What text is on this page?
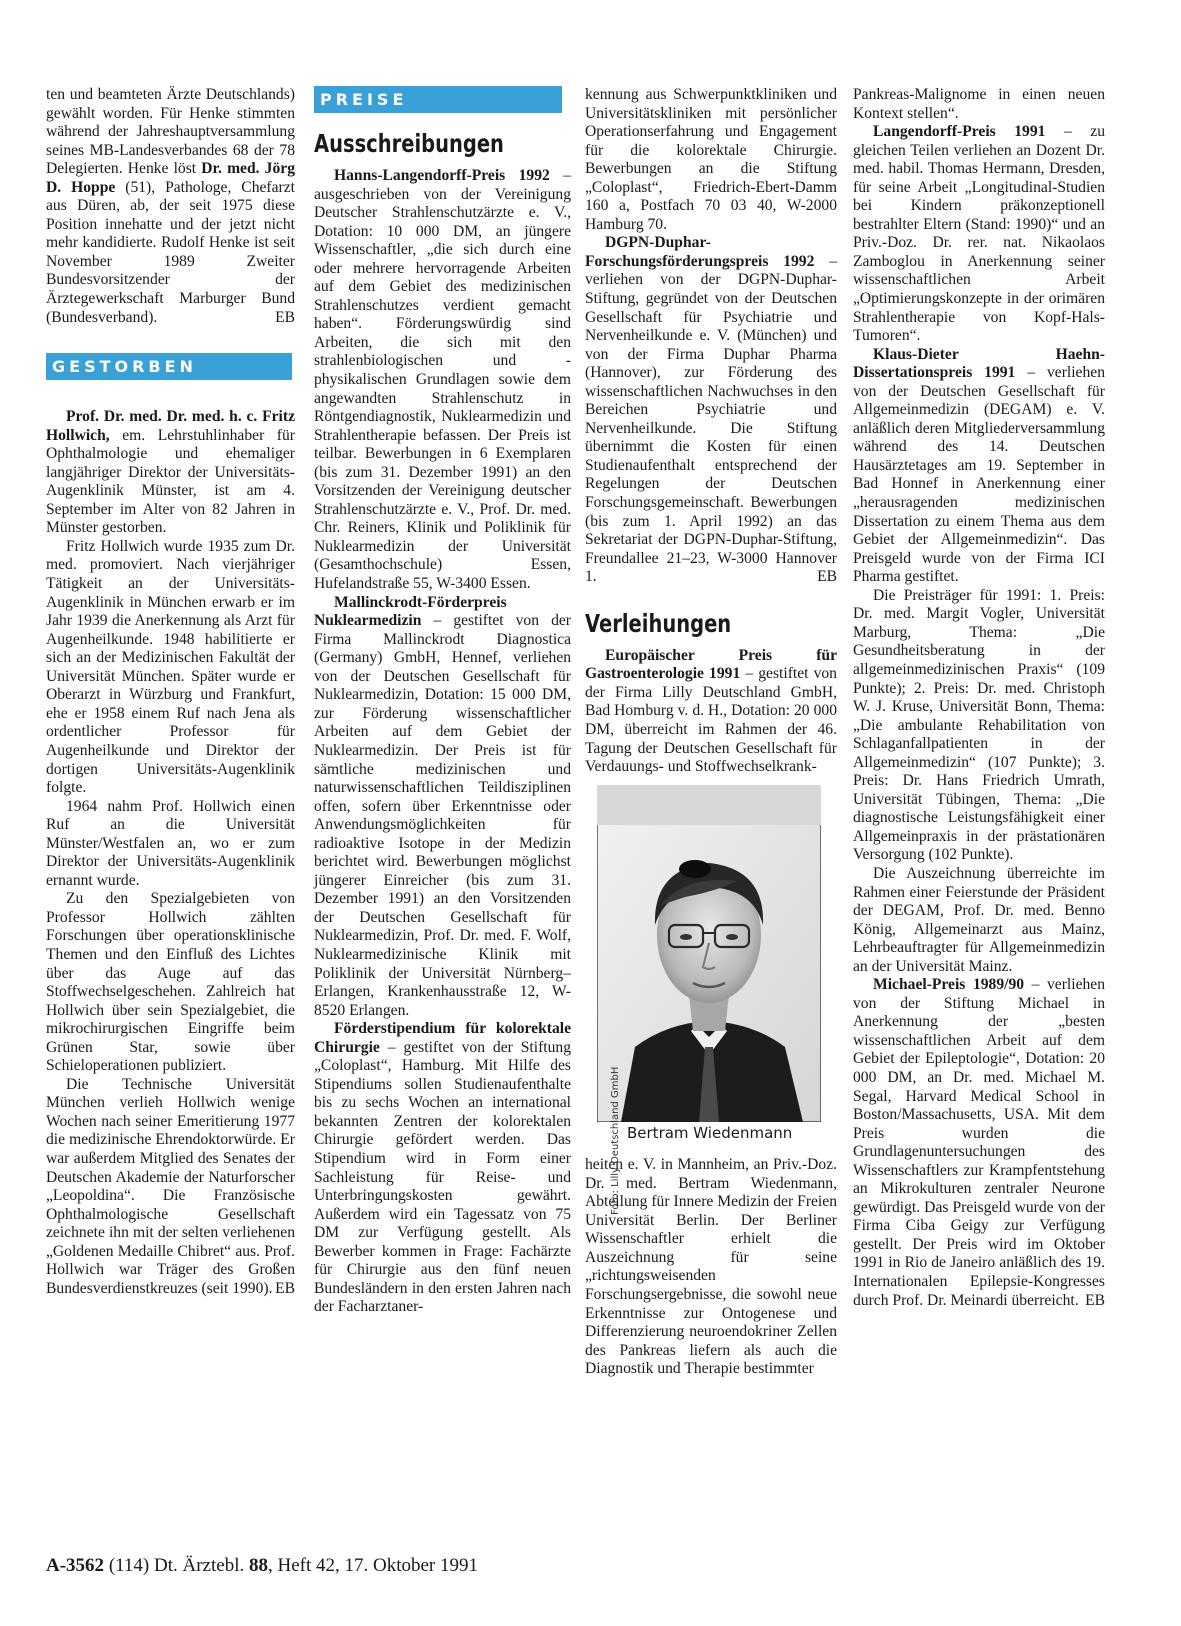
ten und beamteten Ärzte Deutschlands) gewählt worden. Für Henke stimmten während der Jahreshauptversammlung seines MB-Landesverbandes 68 der 78 Delegierten. Henke löst Dr. med. Jörg D. Hoppe (51), Pathologe, Chefarzt aus Düren, ab, der seit 1975 diese Position innehatte und der jetzt nicht mehr kandidierte. Rudolf Henke ist seit November 1989 Zweiter Bundesvorsitzender der Ärztegewerkschaft Marburger Bund (Bundesverband).	EB

GESTORBEN

Prof. Dr. med. Dr. med. h. c. Fritz Hollwich, em. Lehrstuhlinhaber für Ophthalmologie und ehemaliger langjähriger Direktor der Universitäts-Augenklinik Münster, ist am 4. September im Alter von 82 Jahren in Münster gestorben.

Fritz Hollwich wurde 1935 zum Dr. med. promoviert. Nach vierjähriger Tätigkeit an der Universitäts-Augenklinik in München erwarb er im Jahr 1939 die Anerkennung als Arzt für Augenheilkunde. 1948 habilitierte er sich an der Medizinischen Fakultät der Universität München. Später wurde er Oberarzt in Würzburg und Frankfurt, ehe er 1958 einem Ruf nach Jena als ordentlicher Professor für Augenheilkunde und Direktor der dortigen Universitäts-Augenklinik folgte.

1964 nahm Prof. Hollwich einen Ruf an die Universität Münster/Westfalen an, wo er zum Direktor der Universitäts-Augenklinik ernannt wurde.

Zu den Spezialgebieten von Professor Hollwich zählten Forschungen über operationsklinische Themen und den Einfluß des Lichtes über das Auge auf das Stoffwechselgeschehen. Zahlreich hat Hollwich über sein Spezialgebiet, die mikrochirurgischen Eingriffe beim Grünen Star, sowie über Schieloperationen publiziert.

Die Technische Universität München verlieh Hollwich wenige Wochen nach seiner Emeritierung 1977 die medizinische Ehrendoktorwürde. Er war außerdem Mitglied des Senates der Deutschen Akademie der Naturforscher „Leopoldina“. Die Französische Ophthalmologische Gesellschaft zeichnete ihn mit der selten verliehenen „Goldenen Medaille Chibret“ aus. Prof. Hollwich war Träger des Großen Bundesverdienstkreuzes (seit 1990). EB

PREISE
Ausschreibungen

Hanns-Langendorff-Preis 1992 – ausgeschrieben von der Vereinigung Deutscher Strahlenschutzärzte e. V., Dotation: 10 000 DM, an jüngere Wissenschaftler, „die sich durch eine oder mehrere hervorragende Arbeiten auf dem Gebiet des medizinischen Strahlenschutzes verdient gemacht haben“. Förderungswürdig sind Arbeiten, die sich mit den strahlenbiologischen und -physikalischen Grundlagen sowie dem angewandten Strahlenschutz in Röntgendiagnostik, Nuklearmedizin und Strahlentherapie befassen. Der Preis ist teilbar. Bewerbungen in 6 Exemplaren (bis zum 31. Dezember 1991) an den Vorsitzenden der Vereinigung deutscher Strahlenschutzärzte e. V., Prof. Dr. med. Chr. Reiners, Klinik und Poliklinik für Nuklearmedizin der Universität (Gesamthochschule) Essen, Hufelandstraße 55, W-3400 Essen.

Mallinckrodt-Förderpreis Nuklearmedizin – gestiftet von der Firma Mallinckrodt Diagnostica (Germany) GmbH, Hennef, verliehen von der Deutschen Gesellschaft für Nuklearmedizin, Dotation: 15 000 DM, zur Förderung wissenschaftlicher Arbeiten auf dem Gebiet der Nuklearmedizin. Der Preis ist für sämtliche medizinischen und naturwissenschaftlichen Teildisziplinen offen, sofern über Erkenntnisse oder Anwendungsmöglichkeiten für radioaktive Isotope in der Medizin berichtet wird. Bewerbungen möglichst jüngerer Einreicher (bis zum 31. Dezember 1991) an den Vorsitzenden der Deutschen Gesellschaft für Nuklearmedizin, Prof. Dr. med. F. Wolf, Nuklearmedizinische Klinik mit Poliklinik der Universität Nürnberg–Erlangen, Krankenhausstraße 12, W-8520 Erlangen.

Förderstipendium für kolorektale Chirurgie – gestiftet von der Stiftung „Coloplast“, Hamburg. Mit Hilfe des Stipendiums sollen Studienaufenthalte bis zu sechs Wochen an international bekannten Zentren der kolorektalen Chirurgie gefördert werden. Das Stipendium wird in Form einer Sachleistung für Reise- und Unterbringungskosten gewährt. Außerdem wird ein Tagessatz von 75 DM zur Verfügung gestellt. Als Bewerber kommen in Frage: Fachärzte für Chirurgie aus den fünf neuen Bundesländern in den ersten Jahren nach der Facharztaner-

kennung aus Schwerpunktkliniken und Universitätskliniken mit persönlicher Operationserfahrung und Engagement für die kolorektale Chirurgie. Bewerbungen an die Stiftung „Coloplast“, Friedrich-Ebert-Damm 160 a, Postfach 70 03 40, W-2000 Hamburg 70.

DGPN-Duphar-Forschungsförderungspreis 1992 – verliehen von der DGPN-Duphar-Stiftung, gegründet von der Deutschen Gesellschaft für Psychiatrie und Nervenheilkunde e. V. (München) und von der Firma Duphar Pharma (Hannover), zur Förderung des wissenschaftlichen Nachwuchses in den Bereichen Psychiatrie und Nervenheilkunde. Die Stiftung übernimmt die Kosten für einen Studienaufenthalt entsprechend der Regelungen der Deutschen Forschungsgemeinschaft. Bewerbungen (bis zum 1. April 1992) an das Sekretariat der DGPN-Duphar-Stiftung, Freundallee 21–23, W-3000 Hannover 1.	EB

Verleihungen

Europäischer Preis für Gastroenterologie 1991 – gestiftet von der Firma Lilly Deutschland GmbH, Bad Homburg v. d. H., Dotation: 20 000 DM, überreicht im Rahmen der 46. Tagung der Deutschen Gesellschaft für Verdauungs- und Stoffwechselkrank-

Foto: Lilly Deutschland GmbH Bertram Wiedenmann

heiten e. V. in Mannheim, an Priv.-Doz. Dr. med. Bertram Wiedenmann, Abteilung für Innere Medizin der Freien Universität Berlin. Der Berliner Wissenschaftler erhielt die Auszeichnung für seine „richtungsweisenden Forschungsergebnisse, die sowohl neue Erkenntnisse zur Ontogenese und Differenzierung neuroendokriner Zellen des Pankreas liefern als auch die Diagnostik und Therapie bestimmter

Pankreas-Malignome in einen neuen Kontext stellen“.

Langendorff-Preis 1991 – zu gleichen Teilen verliehen an Dozent Dr. med. habil. Thomas Hermann, Dresden, für seine Arbeit „Longitudinal-Studien bei Kindern präkonzeptionell bestrahlter Eltern (Stand: 1990)“ und an Priv.-Doz. Dr. rer. nat. Nikaolaos Zamboglou in Anerkennung seiner wissenschaftlichen Arbeit „Optimierungskonzepte in der orimären Strahlentherapie von Kopf-Hals-Tumoren“.

Klaus-Dieter Haehn-Dissertationspreis 1991 – verliehen von der Deutschen Gesellschaft für Allgemeinmedizin (DEGAM) e. V. anläßlich deren Mitgliederversammlung während des 14. Deutschen Hausärztetages am 19. September in Bad Honnef in Anerkennung einer „herausragenden medizinischen Dissertation zu einem Thema aus dem Gebiet der Allgemeinmedizin“. Das Preisgeld wurde von der Firma ICI Pharma gestiftet.

Die Preisträger für 1991: 1. Preis: Dr. med. Margit Vogler, Universität Marburg, Thema: „Die Gesundheitsberatung in der allgemeinmedizinischen Praxis“ (109 Punkte); 2. Preis: Dr. med. Christoph W. J. Kruse, Universität Bonn, Thema: „Die ambulante Rehabilitation von Schlaganfallpatienten in der Allgemeinmedizin“ (107 Punkte); 3. Preis: Dr. Hans Friedrich Umrath, Universität Tübingen, Thema: „Die diagnostische Leistungsfähigkeit einer Allgemeinpraxis in der prästationären Versorgung (102 Punkte).

Die Auszeichnung überreichte im Rahmen einer Feierstunde der Präsident der DEGAM, Prof. Dr. med. Benno König, Allgemeinarzt aus Mainz, Lehrbeauftragter für Allgemeinmedizin an der Universität Mainz.

Michael-Preis 1989/90 – verliehen von der Stiftung Michael in Anerkennung der „besten wissenschaftlichen Arbeit auf dem Gebiet der Epileptologie“, Dotation: 20 000 DM, an Dr. med. Michael M. Segal, Harvard Medical School in Boston/Massachusetts, USA. Mit dem Preis wurden die Grundlagenuntersuchungen des Wissenschaftlers zur Krampfentstehung an Mikrokulturen zentraler Neurone gewürdigt. Das Preisgeld wurde von der Firma Ciba Geigy zur Verfügung gestellt. Der Preis wird im Oktober 1991 in Rio de Janeiro anläßlich des 19. Internationalen Epilepsie-Kongresses durch Prof. Dr. Meinardi überreicht. EB

A-3562 (114) Dt. Ärztebl. 88, Heft 42, 17. Oktober 1991
